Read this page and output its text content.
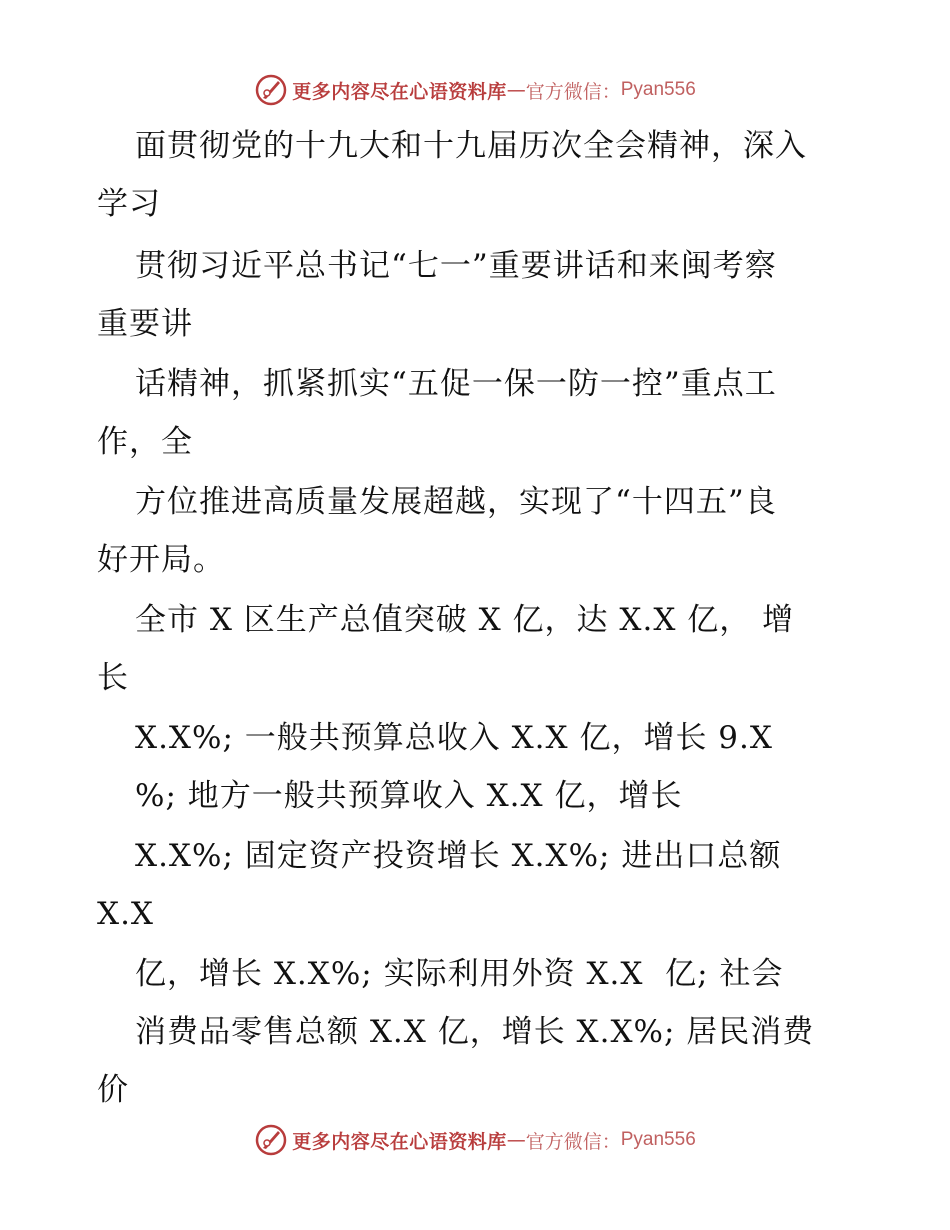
更多内容尽在心语资料库 — 官方微信： Pyan556
面贯彻党的十九大和十九届历次全会精神，深入
学习
贯彻习近平总书记“七一”重要讲话和来闽考察
重要讲
话精神，抓紧抓实“五促一保一防一控”重点工
作，全
方位推进高质量发展超越，实现了“十四五”良
好开局。
全市 X 区生产总值突破 X 亿，达 X.X 亿， 增
长
X.X%; 一般共预算总收入 X.X 亿，增长 9.X
%; 地方一般共预算收入 X.X 亿，增长
X.X%; 固定资产投资增长 X.X%; 进出口总额
X.X
亿，增长 X.X%; 实际利用外资 X.X  亿; 社会
消费品零售总额 X.X 亿，增长 X.X%; 居民消费
价
更多内容尽在心语资料库 — 官方微信： Pyan556
